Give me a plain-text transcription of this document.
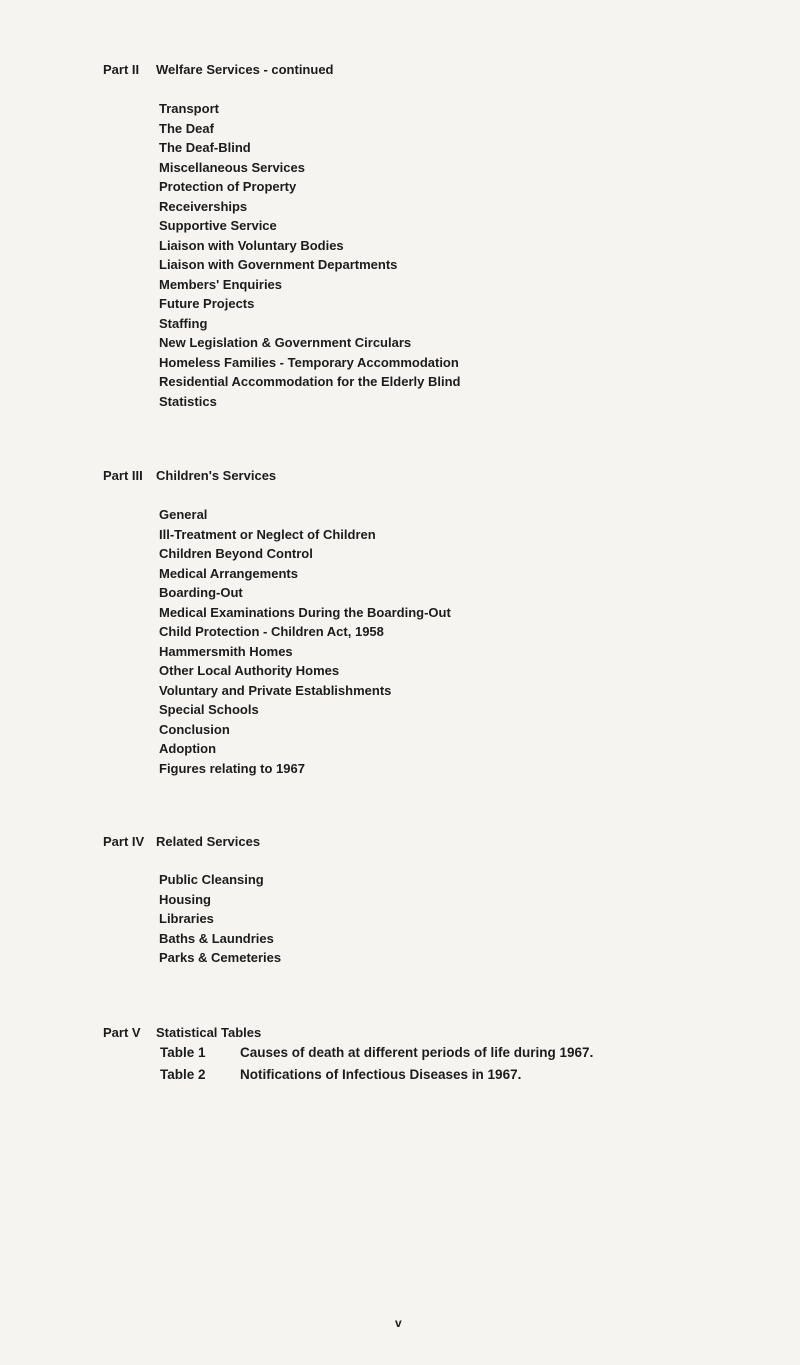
Part II Welfare Services - continued
Transport
The Deaf
The Deaf-Blind
Miscellaneous Services
Protection of Property
Receiverships
Supportive Service
Liaison with Voluntary Bodies
Liaison with Government Departments
Members' Enquiries
Future Projects
Staffing
New Legislation & Government Circulars
Homeless Families - Temporary Accommodation
Residential Accommodation for the Elderly Blind
Statistics
Part III Children's Services
General
Ill-Treatment or Neglect of Children
Children Beyond Control
Medical Arrangements
Boarding-Out
Medical Examinations During the Boarding-Out
Child Protection - Children Act, 1958
Hammersmith Homes
Other Local Authority Homes
Voluntary and Private Establishments
Special Schools
Conclusion
Adoption
Figures relating to 1967
Part IV Related Services
Public Cleansing
Housing
Libraries
Baths & Laundries
Parks & Cemeteries
Part V Statistical Tables
Table 1	Causes of death at different periods of life during 1967.
Table 2	Notifications of Infectious Diseases in 1967.
v
